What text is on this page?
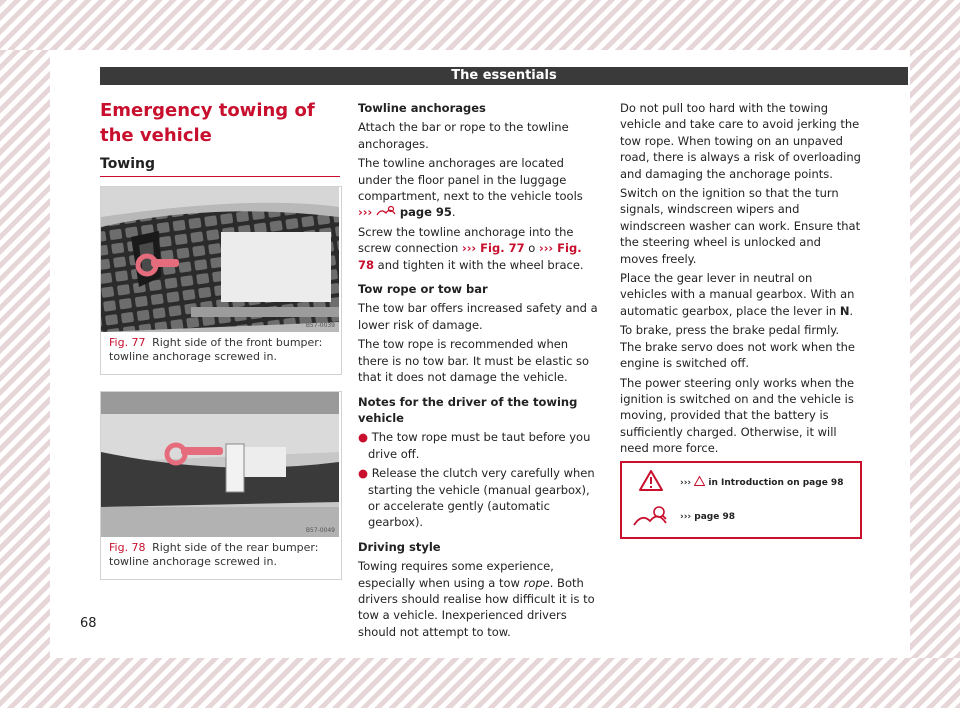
The essentials
Emergency towing of the vehicle
Towing
B57-0039
Fig. 77 Right side of the front bumper: towline anchorage screwed in.
B57-0049
Fig. 78 Right side of the rear bumper: towline anchorage screwed in.

Towline anchorages

Attach the bar or rope to the towline anchorages.

The towline anchorages are located under the floor panel in the luggage compartment, next to the vehicle tools ›››  page 95.

Screw the towline anchorage into the screw connection ››› Fig. 77 o ››› Fig. 78 and tighten it with the wheel brace.

Tow rope or tow bar

The tow bar offers increased safety and a lower risk of damage.

The tow rope is recommended when there is no tow bar. It must be elastic so that it does not damage the vehicle.

Notes for the driver of the towing vehicle

● The tow rope must be taut before you drive off.

● Release the clutch very carefully when starting the vehicle (manual gearbox), or accelerate gently (automatic gearbox).

Driving style

Towing requires some experience, especially when using a tow rope. Both drivers should realise how difficult it is to tow a vehicle. Inexperienced drivers should not attempt to tow.

Do not pull too hard with the towing vehicle and take care to avoid jerking the tow rope. When towing on an unpaved road, there is always a risk of overloading and damaging the anchorage points.

Switch on the ignition so that the turn signals, windscreen wipers and windscreen washer can work. Ensure that the steering wheel is unlocked and moves freely.

Place the gear lever in neutral on vehicles with a manual gearbox. With an automatic gearbox, place the lever in N.

To brake, press the brake pedal firmly. The brake servo does not work when the engine is switched off.

The power steering only works when the ignition is switched on and the vehicle is moving, provided that the battery is sufficiently charged. Otherwise, it will need more force.

›››  in Introduction on page 98
››› page 98
68
